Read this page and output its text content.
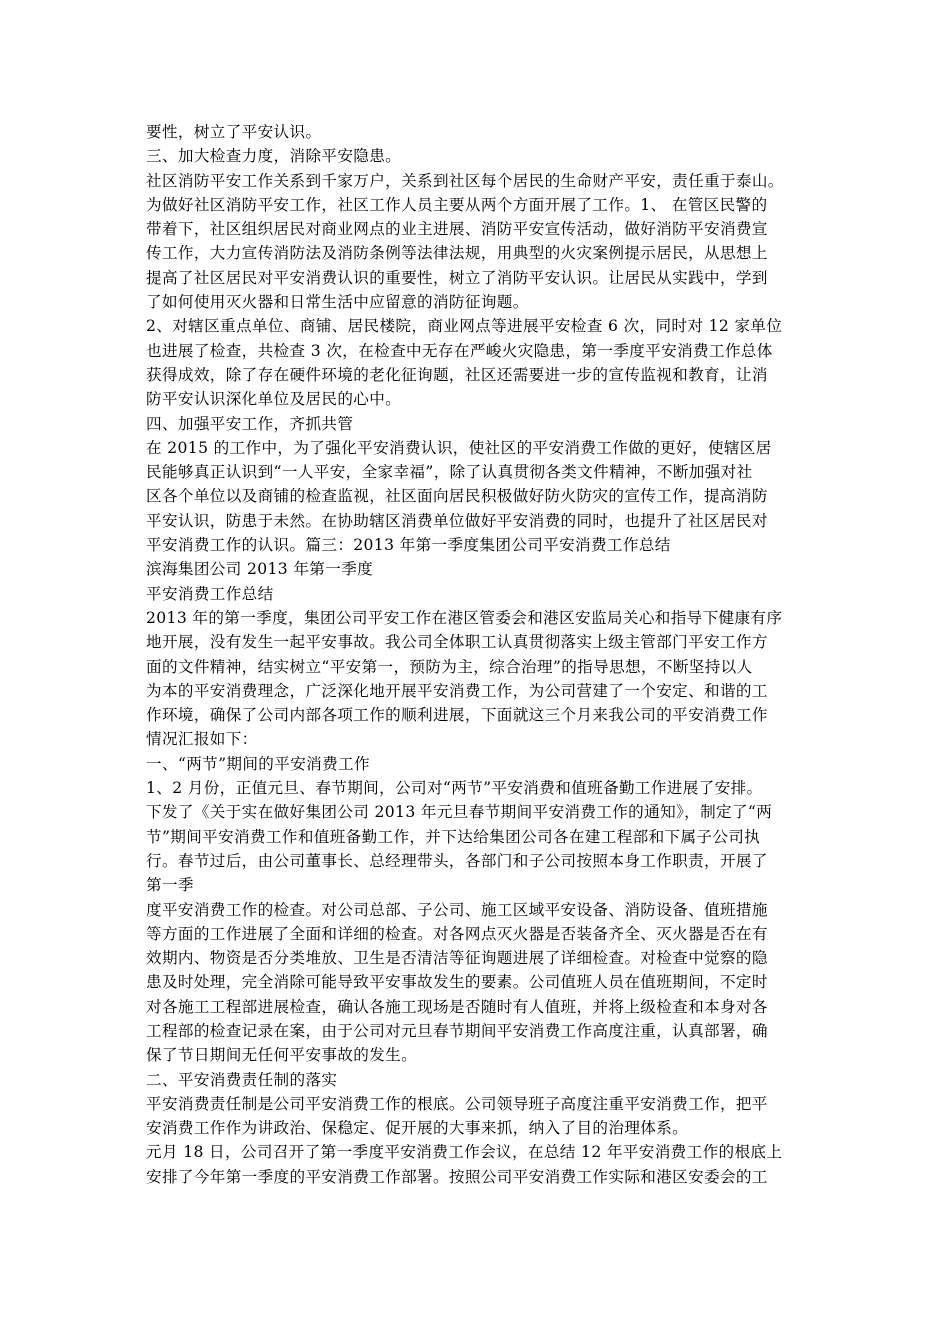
要性，树立了平安认识。
三、加大检查力度，消除平安隐患。
社区消防平安工作关系到千家万户，关系到社区每个居民的生命财产平安，责任重于泰山。
为做好社区消防平安工作，社区工作人员主要从两个方面开展了工作。1、 在管区民警的
带着下，社区组织居民对商业网点的业主进展、消防平安宣传活动，做好消防平安消费宣
传工作，大力宣传消防法及消防条例等法律法规，用典型的火灾案例提示居民，从思想上
提高了社区居民对平安消费认识的重要性，树立了消防平安认识。让居民从实践中，学到
了如何使用灭火器和日常生活中应留意的消防征询题。
2、对辖区重点单位、商铺、居民楼院，商业网点等进展平安检查 6 次，同时对 12 家单位
也进展了检查，共检查 3 次，在检查中无存在严峻火灾隐患，第一季度平安消费工作总体
获得成效，除了存在硬件环境的老化征询题，社区还需要进一步的宣传监视和教育，让消
防平安认识深化单位及居民的心中。
四、加强平安工作，齐抓共管
在 2015 的工作中，为了强化平安消费认识，使社区的平安消费工作做的更好，使辖区居
民能够真正认识到“一人平安，全家幸福”，除了认真贯彻各类文件精神，不断加强对社
区各个单位以及商铺的检查监视，社区面向居民积极做好防火防灾的宣传工作，提高消防
平安认识，防患于未然。在协助辖区消费单位做好平安消费的同时，也提升了社区居民对
平安消费工作的认识。篇三：2013 年第一季度集团公司平安消费工作总结
滨海集团公司 2013 年第一季度
平安消费工作总结
2013 年的第一季度，集团公司平安工作在港区管委会和港区安监局关心和指导下健康有序
地开展，没有发生一起平安事故。我公司全体职工认真贯彻落实上级主管部门平安工作方
面的文件精神，结实树立“平安第一，预防为主，综合治理”的指导思想，不断坚持以人
为本的平安消费理念，广泛深化地开展平安消费工作，为公司营建了一个安定、和谐的工
作环境，确保了公司内部各项工作的顺利进展，下面就这三个月来我公司的平安消费工作
情况汇报如下：
一、“两节”期间的平安消费工作
1、2 月份，正值元旦、春节期间，公司对“两节”平安消费和值班备勤工作进展了安排。
下发了《关于实在做好集团公司 2013 年元旦春节期间平安消费工作的通知》，制定了“两
节”期间平安消费工作和值班备勤工作，并下达给集团公司各在建工程部和下属子公司执
行。春节过后，由公司董事长、总经理带头，各部门和子公司按照本身工作职责，开展了
第一季
度平安消费工作的检查。对公司总部、子公司、施工区域平安设备、消防设备、值班措施
等方面的工作进展了全面和详细的检查。对各网点灭火器是否装备齐全、灭火器是否在有
效期内、物资是否分类堆放、卫生是否清洁等征询题进展了详细检查。对检查中觉察的隐
患及时处理，完全消除可能导致平安事故发生的要素。公司值班人员在值班期间，不定时
对各施工工程部进展检查，确认各施工现场是否随时有人值班，并将上级检查和本身对各
工程部的检查记录在案，由于公司对元旦春节期间平安消费工作高度注重，认真部署，确
保了节日期间无任何平安事故的发生。
二、平安消费责任制的落实
平安消费责任制是公司平安消费工作的根底。公司领导班子高度注重平安消费工作，把平
安消费工作作为讲政治、保稳定、促开展的大事来抓，纳入了目的治理体系。
元月 18 日，公司召开了第一季度平安消费工作会议，在总结 12 年平安消费工作的根底上
安排了今年第一季度的平安消费工作部署。按照公司平安消费工作实际和港区安委会的工
